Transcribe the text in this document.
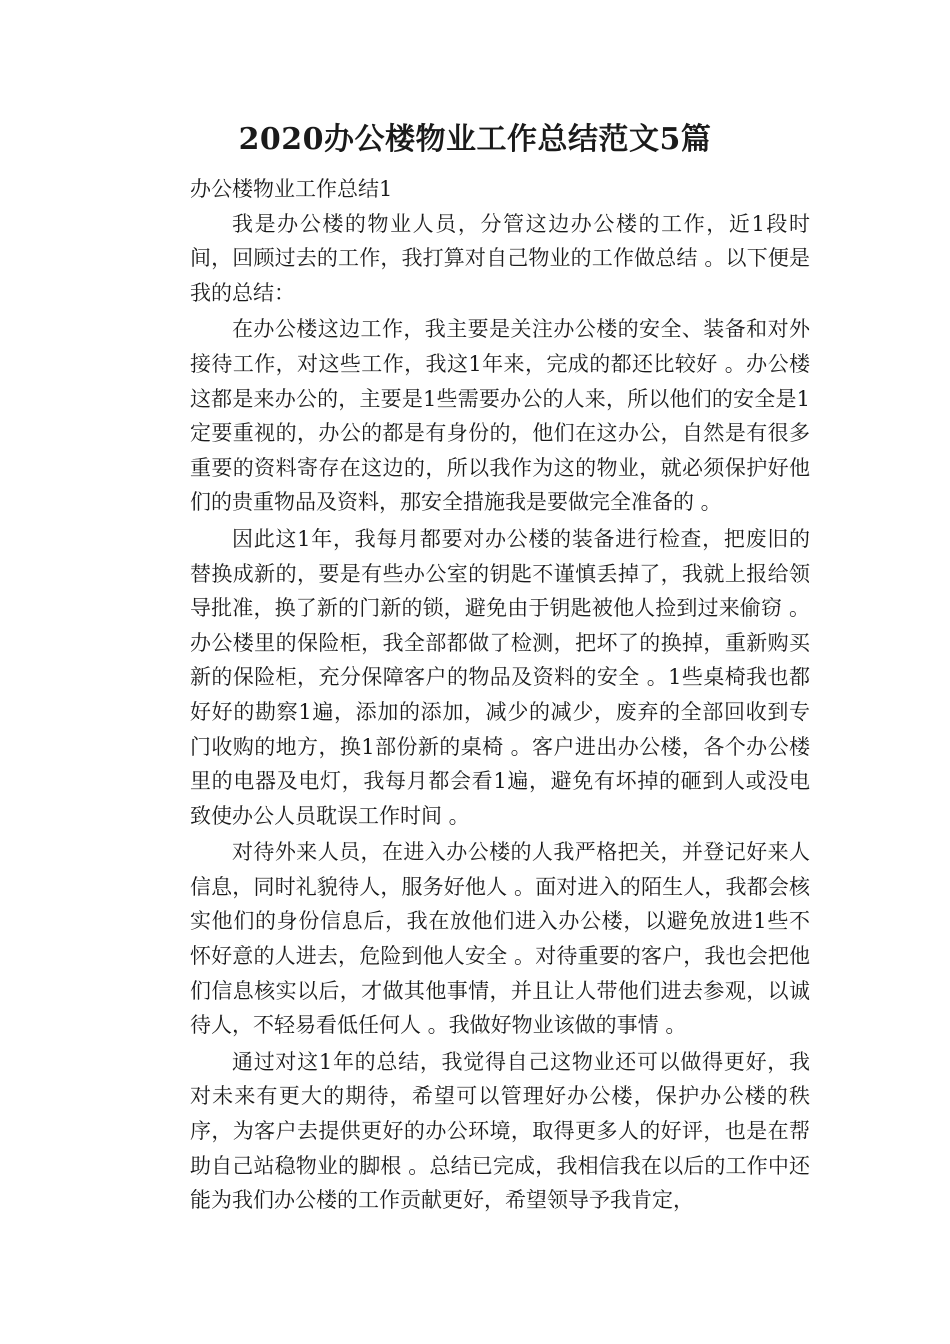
2020办公楼物业工作总结范文5篇

办公楼物业工作总结1

我是办公楼的物业人员，分管这边办公楼的工作，近1段时间，回顾过去的工作，我打算对自己物业的工作做总结 。以下便是我的总结：

在办公楼这边工作，我主要是关注办公楼的安全、装备和对外接待工作，对这些工作，我这1年来，完成的都还比较好 。办公楼这都是来办公的，主要是1些需要办公的人来，所以他们的安全是1定要重视的，办公的都是有身份的，他们在这办公，自然是有很多重要的资料寄存在这边的，所以我作为这的物业，就必须保护好他们的贵重物品及资料，那安全措施我是要做完全准备的 。

因此这1年，我每月都要对办公楼的装备进行检查，把废旧的替换成新的，要是有些办公室的钥匙不谨慎丢掉了，我就上报给领导批准，换了新的门新的锁，避免由于钥匙被他人捡到过来偷窃 。办公楼里的保险柜，我全部都做了检测，把坏了的换掉，重新购买新的保险柜，充分保障客户的物品及资料的安全 。1些桌椅我也都好好的勘察1遍，添加的添加，减少的减少，废弃的全部回收到专门收购的地方，换1部份新的桌椅 。客户进出办公楼，各个办公楼里的电器及电灯，我每月都会看1遍，避免有坏掉的砸到人或没电致使办公人员耽误工作时间 。

对待外来人员，在进入办公楼的人我严格把关，并登记好来人信息，同时礼貌待人，服务好他人 。面对进入的陌生人，我都会核实他们的身份信息后，我在放他们进入办公楼，以避免放进1些不怀好意的人进去，危险到他人安全 。对待重要的客户，我也会把他们信息核实以后，才做其他事情，并且让人带他们进去参观，以诚待人，不轻易看低任何人 。我做好物业该做的事情 。

通过对这1年的总结，我觉得自己这物业还可以做得更好，我对未来有更大的期待，希望可以管理好办公楼，保护办公楼的秩序，为客户去提供更好的办公环境，取得更多人的好评，也是在帮助自己站稳物业的脚根 。总结已完成，我相信我在以后的工作中还能为我们办公楼的工作贡献更好，希望领导予我肯定，
